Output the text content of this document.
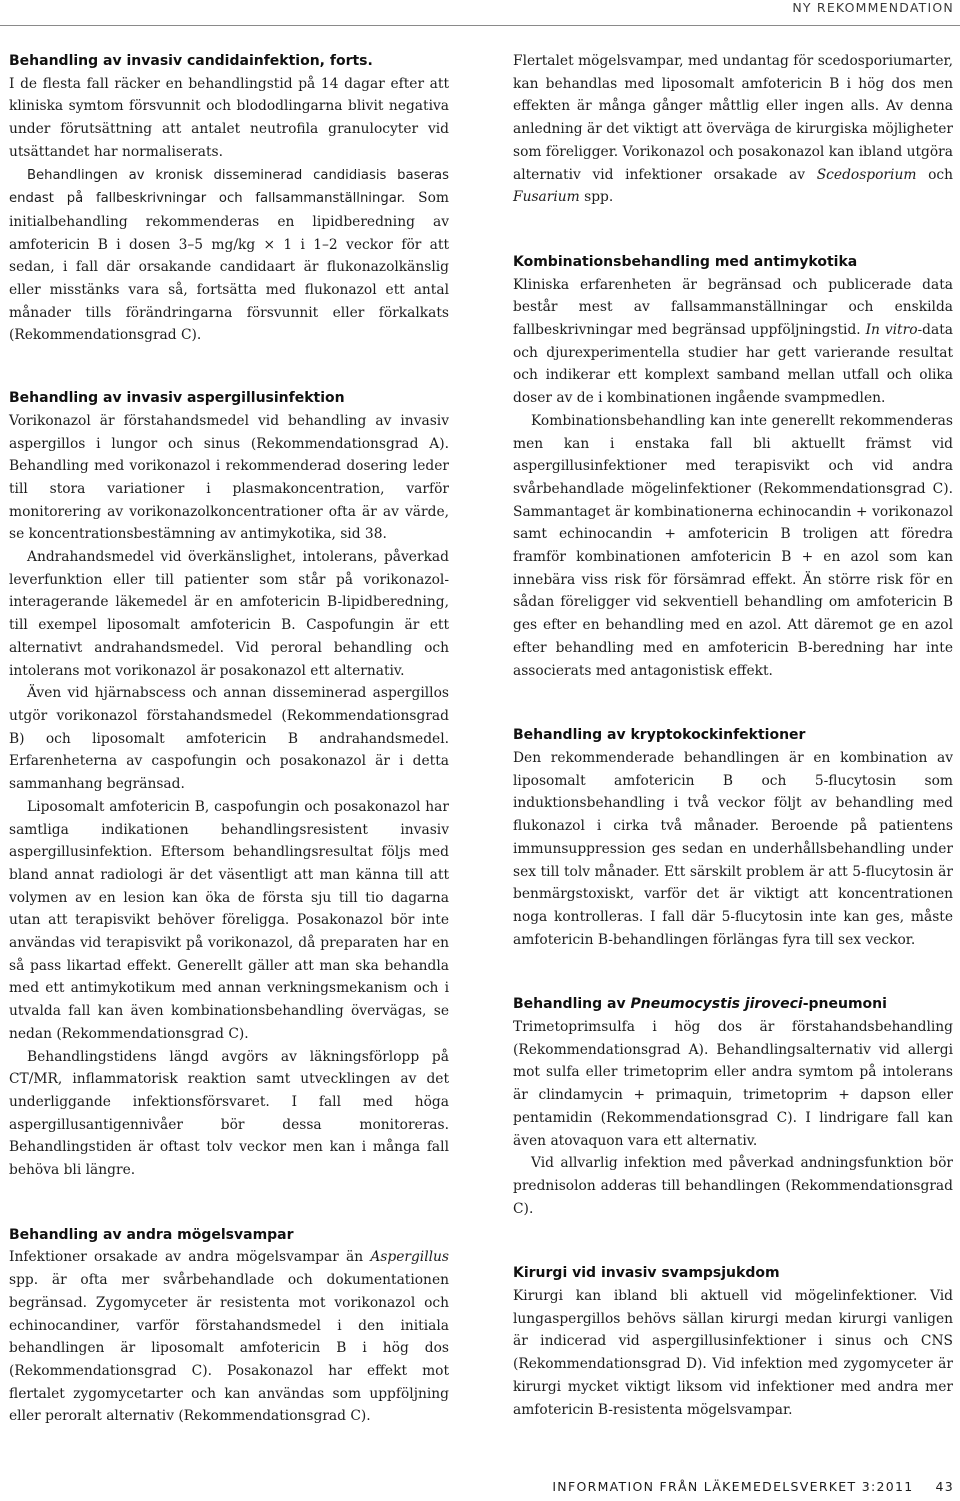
NY REKOMMENDATION

Behandling av invasiv candidainfektion, forts.

I de flesta fall räcker en behandlingstid på 14 dagar efter att kliniska symtom försvunnit och blododlingarna blivit negativa under förutsättning att antalet neutrofila granulocyter vid utsättandet har normaliserats.

Behandlingen av kronisk disseminerad candidiasis baseras endast på fallbeskrivningar och fallsammanställningar. Som initialbehandling rekommenderas en lipidberedning av amfotericin B i dosen 3–5 mg/kg × 1 i 1–2 veckor för att sedan, i fall där orsakande candidaart är flukonazolkänslig eller misstänks vara så, fortsätta med flukonazol ett antal månader tills förändringarna försvunnit eller förkalkats (Rekommendationsgrad C).

Behandling av invasiv aspergillusinfektion

Vorikonazol är förstahandsmedel vid behandling av invasiv aspergillos i lungor och sinus (Rekommendationsgrad A). Behandling med vorikonazol i rekommenderad dosering leder till stora variationer i plasmakoncentration, varför monitorering av vorikonazolkoncentrationer ofta är av värde, se koncentrationsbestämning av antimykotika, sid 38.

Andrahandsmedel vid överkänslighet, intolerans, påverkad leverfunktion eller till patienter som står på vorikonazol-interagerande läkemedel är en amfotericin B-lipidberedning, till exempel liposomalt amfotericin B. Caspofungin är ett alternativt andrahandsmedel. Vid peroral behandling och intolerans mot vorikonazol är posakonazol ett alternativ.

Även vid hjärnabscess och annan disseminerad aspergillos utgör vorikonazol förstahandsmedel (Rekommendationsgrad B) och liposomalt amfotericin B andrahandsmedel. Erfarenheterna av caspofungin och posakonazol är i detta sammanhang begränsad.

Liposomalt amfotericin B, caspofungin och posakonazol har samtliga indikationen behandlingsresistent invasiv aspergillusinfektion. Eftersom behandlingsresultat följs med bland annat radiologi är det väsentligt att man känna till att volymen av en lesion kan öka de första sju till tio dagarna utan att terapisvikt behöver föreligga. Posakonazol bör inte användas vid terapisvikt på vorikonazol, då preparaten har en så pass likartad effekt. Generellt gäller att man ska behandla med ett antimykotikum med annan verkningsmekanism och i utvalda fall kan även kombinationsbehandling övervägas, se nedan (Rekommendationsgrad C).

Behandlingstidens längd avgörs av läkningsförlopp på CT/MR, inflammatorisk reaktion samt utvecklingen av det underliggande infektionsförsvaret. I fall med höga aspergillusantigennivåer bör dessa monitoreras. Behandlingstiden är oftast tolv veckor men kan i många fall behöva bli längre.

Behandling av andra mögelsvampar

Infektioner orsakade av andra mögelsvampar än Aspergillus spp. är ofta mer svårbehandlade och dokumentationen begränsad. Zygomyceter är resistenta mot vorikonazol och echinocandiner, varför förstahandsmedel i den initiala behandlingen är liposomalt amfotericin B i hög dos (Rekommendationsgrad C). Posakonazol har effekt mot flertalet zygomycetarter och kan användas som uppföljning eller peroralt alternativ (Rekommendationsgrad C).

Flertalet mögelsvampar, med undantag för scedosporiumarter, kan behandlas med liposomalt amfotericin B i hög dos men effekten är många gånger måttlig eller ingen alls. Av denna anledning är det viktigt att överväga de kirurgiska möjligheter som föreligger. Vorikonazol och posakonazol kan ibland utgöra alternativ vid infektioner orsakade av Scedosporium och Fusarium spp.

Kombinationsbehandling med antimykotika

Kliniska erfarenheten är begränsad och publicerade data består mest av fallsammanställningar och enskilda fallbeskrivningar med begränsad uppföljningstid. In vitro-data och djurexperimentella studier har gett varierande resultat och indikerar ett komplext samband mellan utfall och olika doser av de i kombinationen ingående svampmedlen.

Kombinationsbehandling kan inte generellt rekommenderas men kan i enstaka fall bli aktuellt främst vid aspergillusinfektioner med terapisvikt och vid andra svårbehandlade mögelinfektioner (Rekommendationsgrad C). Sammantaget är kombinationerna echinocandin + vorikonazol samt echinocandin + amfotericin B troligen att föredra framför kombinationen amfotericin B + en azol som kan innebära viss risk för försämrad effekt. Än större risk för en sådan föreligger vid sekventiell behandling om amfotericin B ges efter en behandling med en azol. Att däremot ge en azol efter behandling med en amfotericin B-beredning har inte associerats med antagonistisk effekt.

Behandling av kryptokockinfektioner

Den rekommenderade behandlingen är en kombination av liposomalt amfotericin B och 5-flucytosin som induktionsbehandling i två veckor följt av behandling med flukonazol i cirka två månader. Beroende på patientens immunsuppression ges sedan en underhållsbehandling under sex till tolv månader. Ett särskilt problem är att 5-flucytosin är benmärgstoxiskt, varför det är viktigt att koncentrationen noga kontrolleras. I fall där 5-flucytosin inte kan ges, måste amfotericin B-behandlingen förlängas fyra till sex veckor.

Behandling av Pneumocystis jiroveci-pneumoni

Trimetoprimsulfa i hög dos är förstahandsbehandling (Rekommendationsgrad A). Behandlingsalternativ vid allergi mot sulfa eller trimetoprim eller andra symtom på intolerans är clindamycin + primaquin, trimetoprim + dapson eller pentamidin (Rekommendationsgrad C). I lindrigare fall kan även atovaquon vara ett alternativ.

Vid allvarlig infektion med påverkad andningsfunktion bör prednisolon adderas till behandlingen (Rekommendationsgrad C).

Kirurgi vid invasiv svampsjukdom

Kirurgi kan ibland bli aktuell vid mögelinfektioner. Vid lungaspergillos behövs sällan kirurgi medan kirurgi vanligen är indicerad vid aspergillusinfektioner i sinus och CNS (Rekommendationsgrad D). Vid infektion med zygomyceter är kirurgi mycket viktigt liksom vid infektioner med andra mer amfotericin B-resistenta mögelsvampar.

INFORMATION FRÅN LÄKEMEDELSVERKET 3:2011 43
